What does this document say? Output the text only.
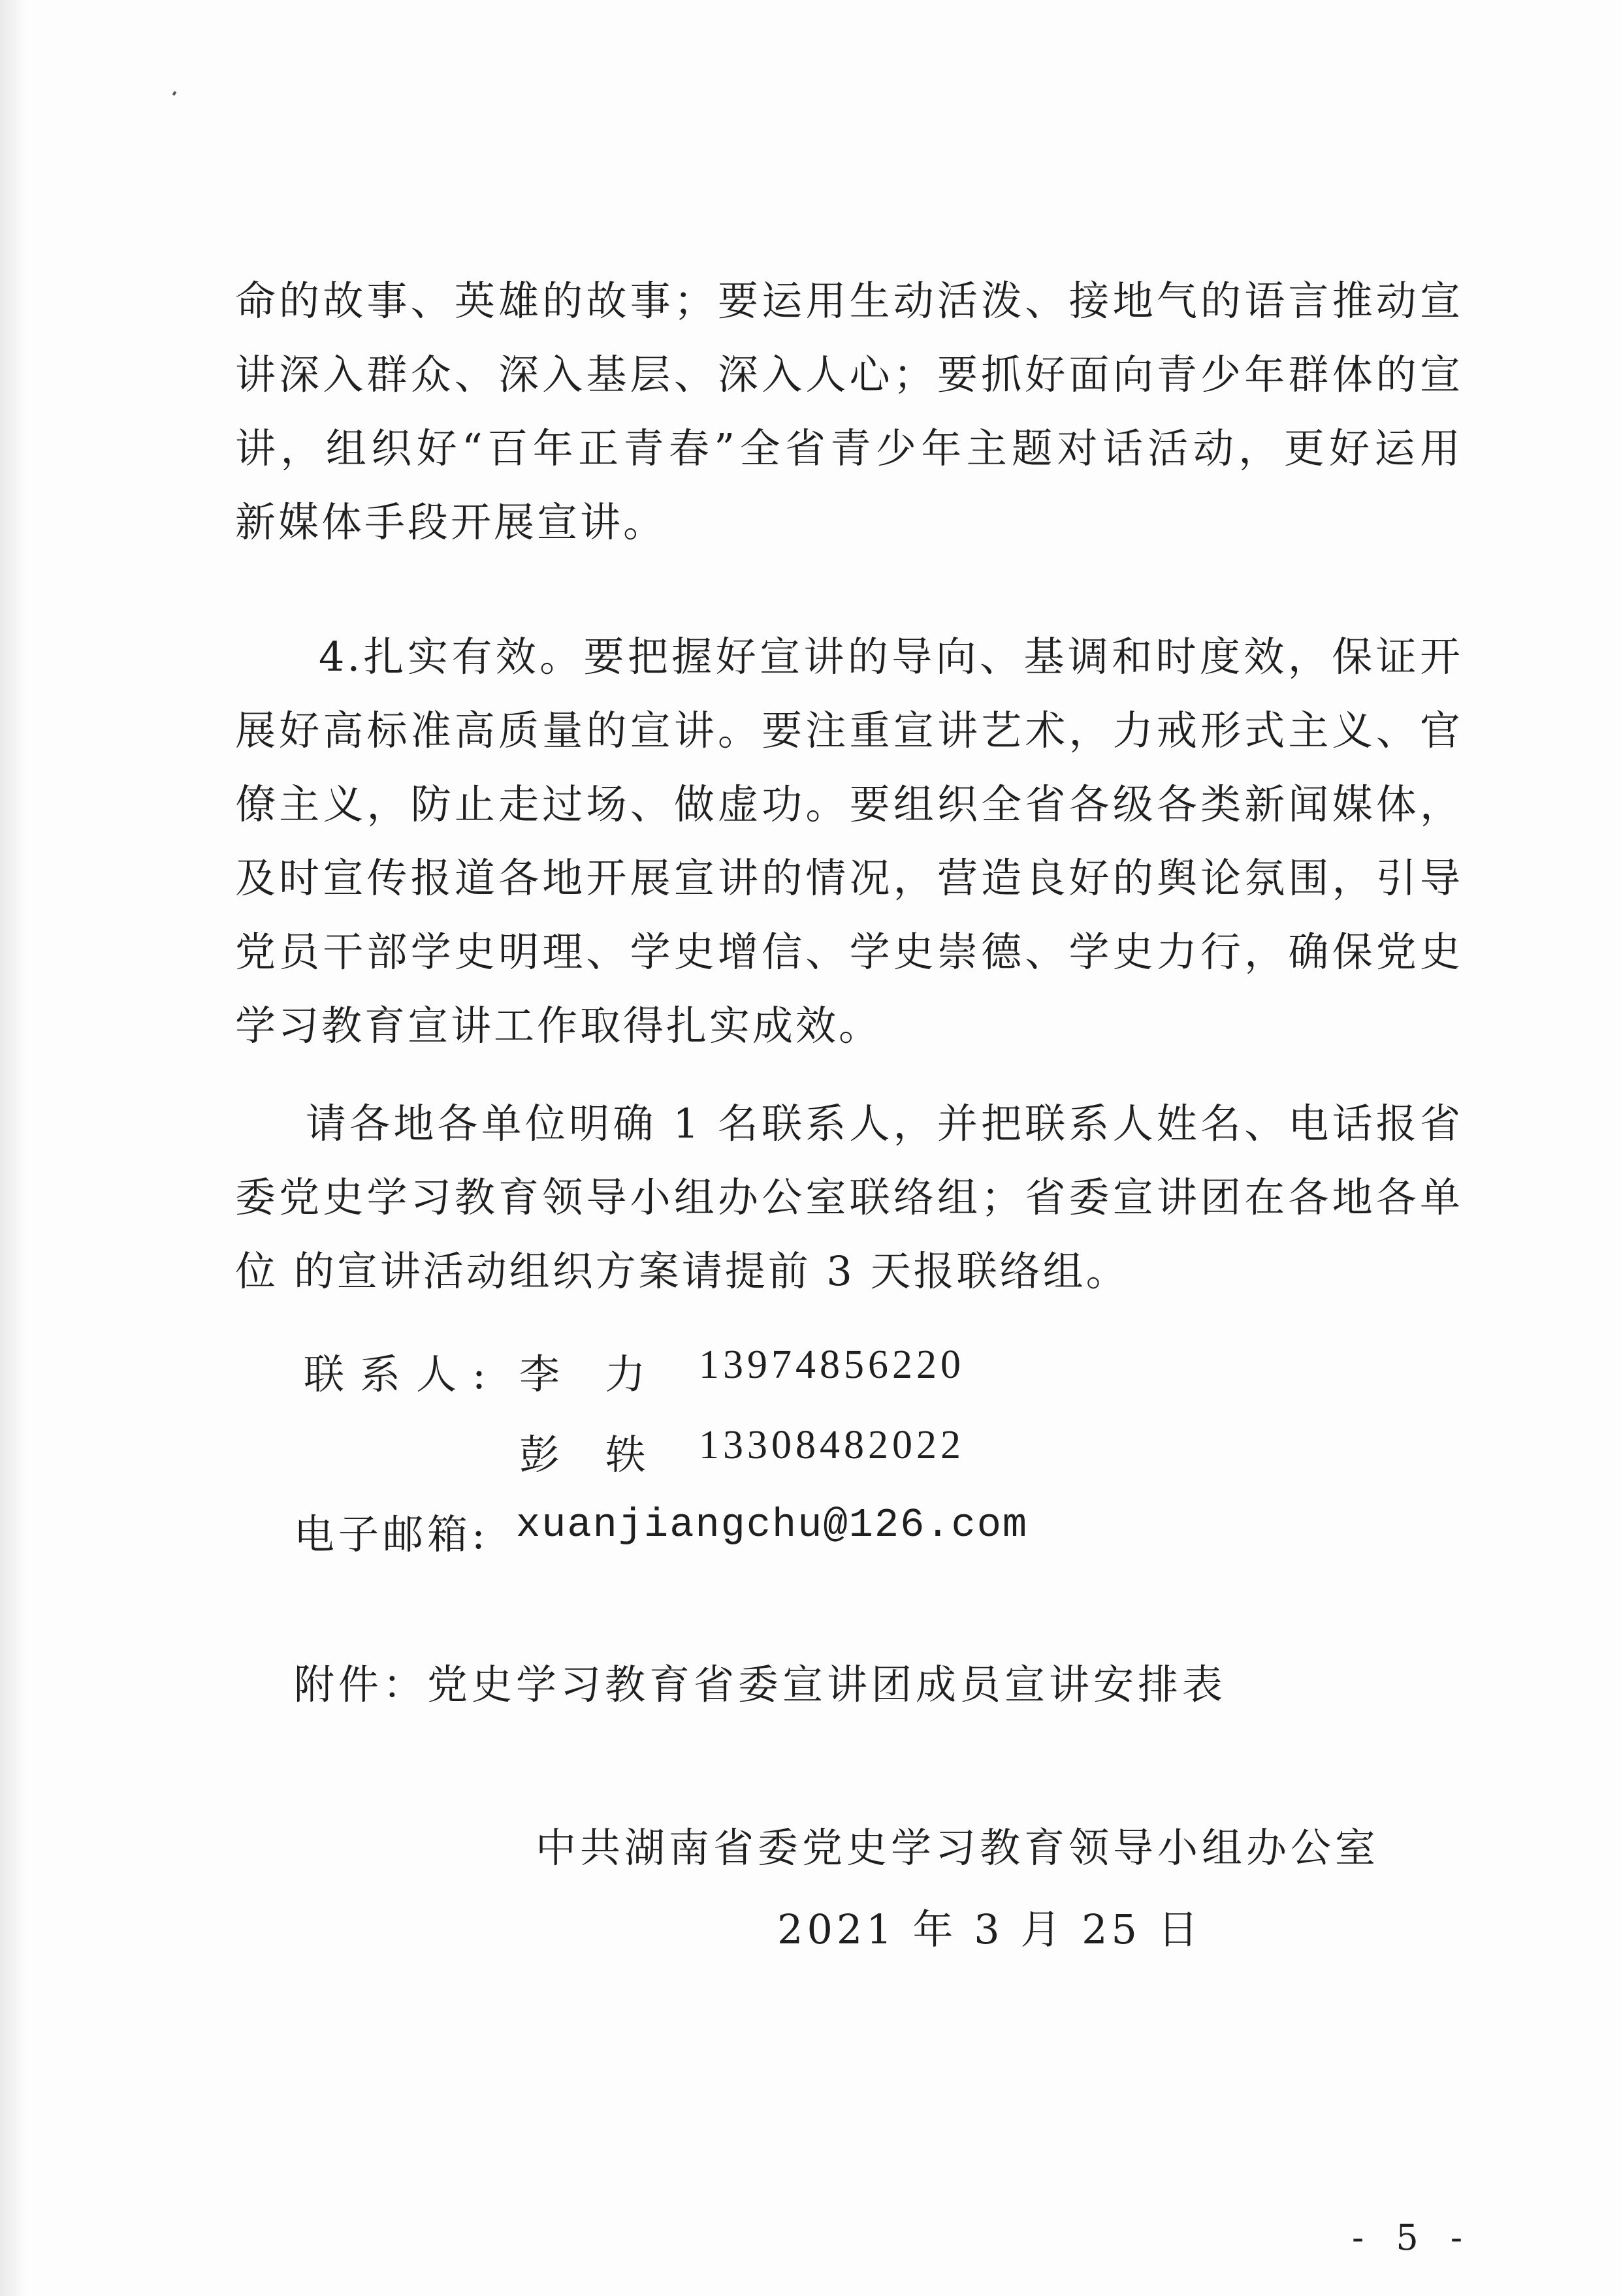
命的故事、英雄的故事；要运用生动活泼、接地气的语言推动宣
讲深入群众、深入基层、深入人心；要抓好面向青少年群体的宣
讲，组织好“百年正青春”全省青少年主题对话活动，更好运用
新媒体手段开展宣讲。
4.扎实有效。要把握好宣讲的导向、基调和时度效，保证开
展好高标准高质量的宣讲。要注重宣讲艺术，力戒形式主义、官
僚主义，防止走过场、做虚功。要组织全省各级各类新闻媒体，
及时宣传报道各地开展宣讲的情况，营造良好的舆论氛围，引导
党员干部学史明理、学史增信、学史崇德、学史力行，确保党史
学习教育宣讲工作取得扎实成效。
请各地各单位明确 1 名联系人，并把联系人姓名、电话报省
委党史学习教育领导小组办公室联络组；省委宣讲团在各地各单
位 的宣讲活动组织方案请提前 3 天报联络组。
联系人: 李  力 13974856220
彭  轶 13308482022
电子邮箱: xuanjiangchu@126.com
附件：党史学习教育省委宣讲团成员宣讲安排表
中共湖南省委党史学习教育领导小组办公室
2021 年 3 月 25 日
- 5 -
